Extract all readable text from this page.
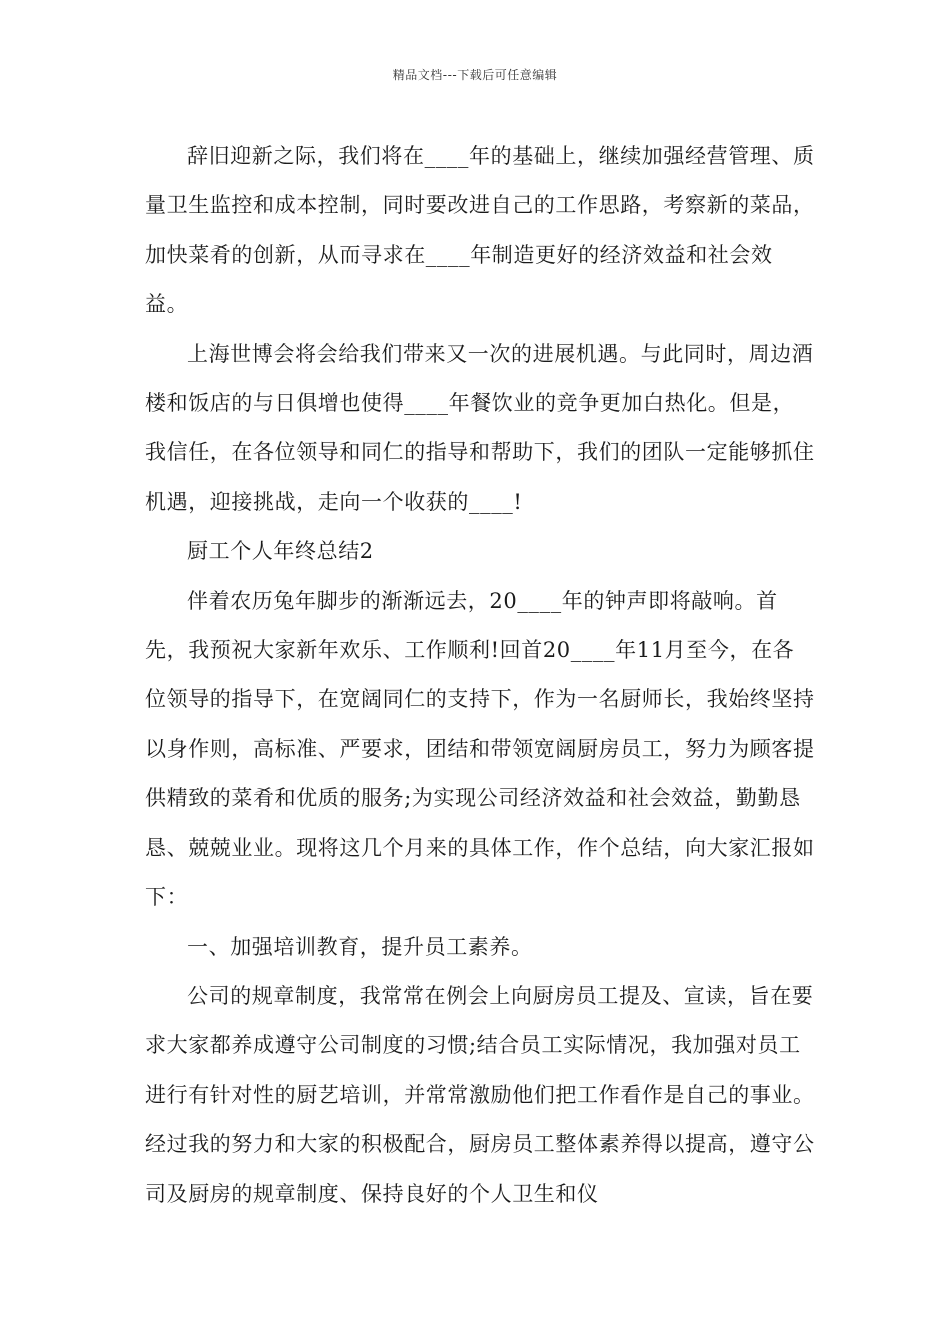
精品文档---下载后可任意编辑

辞旧迎新之际，我们将在____年的基础上，继续加强经营管理、质量卫生监控和成本控制，同时要改进自己的工作思路，考察新的菜品，加快菜肴的创新，从而寻求在____年制造更好的经济效益和社会效益。

上海世博会将会给我们带来又一次的进展机遇。与此同时，周边酒楼和饭店的与日俱增也使得____年餐饮业的竞争更加白热化。但是，我信任，在各位领导和同仁的指导和帮助下，我们的团队一定能够抓住机遇，迎接挑战，走向一个收获的____!

厨工个人年终总结2

伴着农历兔年脚步的渐渐远去，20____年的钟声即将敲响。首先，我预祝大家新年欢乐、工作顺利!回首20____年11月至今，在各位领导的指导下，在宽阔同仁的支持下，作为一名厨师长，我始终坚持以身作则，高标准、严要求，团结和带领宽阔厨房员工，努力为顾客提供精致的菜肴和优质的服务;为实现公司经济效益和社会效益，勤勤恳恳、兢兢业业。现将这几个月来的具体工作，作个总结，向大家汇报如下：

一、加强培训教育，提升员工素养。

公司的规章制度，我常常在例会上向厨房员工提及、宣读，旨在要求大家都养成遵守公司制度的习惯;结合员工实际情况，我加强对员工进行有针对性的厨艺培训，并常常激励他们把工作看作是自己的事业。经过我的努力和大家的积极配合，厨房员工整体素养得以提高，遵守公司及厨房的规章制度、保持良好的个人卫生和仪
